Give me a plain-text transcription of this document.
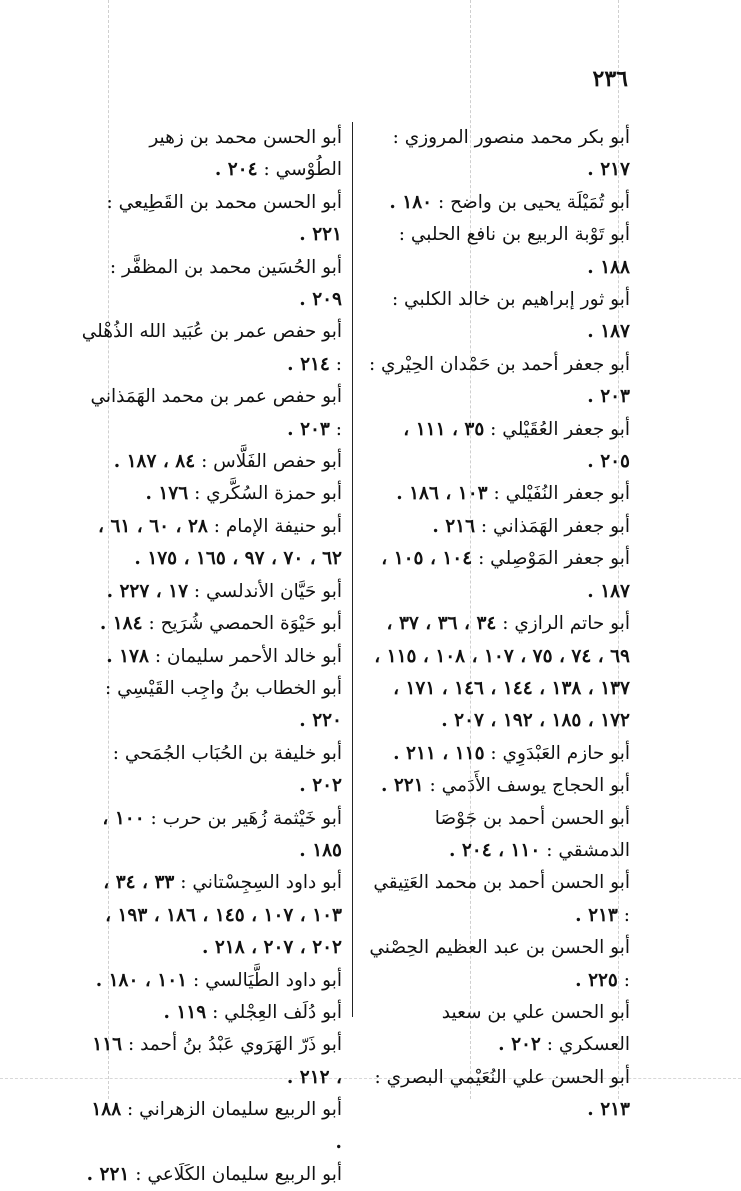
٢٣٦

أبو بكر محمد منصور المروزي : ٢١٧ .

أبو تُمَيْلَة يحيى بن واضح : ١٨٠ .

أبو تَوْبة الربيع بن نافع الحلبي : ١٨٨ .

أبو ثور إبراهيم بن خالد الكلبي : ١٨٧ .

أبو جعفر أحمد بن حَمْدان الحِيْري : ٢٠٣ .

أبو جعفر العُقَيْلي : ٣٥ ، ١١١ ، ٢٠٥ .

أبو جعفر النُفَيْلي : ١٠٣ ، ١٨٦ .

أبو جعفر الهَمَذاني : ٢١٦ .

أبو جعفر المَوْصِلي : ١٠٤ ، ١٠٥ ، ١٨٧ .

أبو حاتم الرازي : ٣٤ ، ٣٦ ، ٣٧ ، ٦٩ ، ٧٤ ، ٧٥ ، ١٠٧ ، ١٠٨ ، ١١٥ ، ١٣٧ ، ١٣٨ ، ١٤٤ ، ١٤٦ ، ١٧١ ، ١٧٢ ، ١٨٥ ، ١٩٢ ، ٢٠٧ .

أبو حازم العَبْدَوِي : ١١٥ ، ٢١١ .

أبو الحجاج يوسف الأَدَمي : ٢٢١ .

أبو الحسن أحمد بن جَوْصَا الدمشقي : ١١٠ ، ٢٠٤ .

أبو الحسن أحمد بن محمد العَتِيقي : ٢١٣ .

أبو الحسن بن عبد العظيم الحِصْني : ٢٢٥ .

أبو الحسن علي بن سعيد العسكري : ٢٠٢ .

أبو الحسن علي النُعَيْمي البصري : ٢١٣ .

أبو الحسن محمد بن زهير الطُوْسي : ٢٠٤ .

أبو الحسن محمد بن القَطِيعي : ٢٢١ .

أبو الحُسَين محمد بن المظفَّر : ٢٠٩ .

أبو حفص عمر بن عُبَيد الله الذُهْلي : ٢١٤ .

أبو حفص عمر بن محمد الهَمَذاني : ٢٠٣ .

أبو حفص الفَلَّاس : ٨٤ ، ١٨٧ .

أبو حمزة السُكَّري : ١٧٦ .

أبو حنيفة الإمام : ٢٨ ، ٦٠ ، ٦١ ، ٦٢ ، ٧٠ ، ٩٧ ، ١٦٥ ، ١٧٥ .

أبو حَيَّان الأندلسي : ١٧ ، ٢٢٧ .

أبو حَيْوَة الحمصي شُرَيح : ١٨٤ .

أبو خالد الأحمر سليمان : ١٧٨ .

أبو الخطاب بنُ واجِب القَيْسِي : ٢٢٠ .

أبو خليفة بن الحُبَاب الجُمَحي : ٢٠٢ .

أبو خَيْثمة زُهَير بن حرب : ١٠٠ ، ١٨٥ .

أبو داود السِجِسْتاني : ٣٣ ، ٣٤ ، ١٠٣ ، ١٠٧ ، ١٤٥ ، ١٨٦ ، ١٩٣ ، ٢٠٢ ، ٢٠٧ ، ٢١٨ .

أبو داود الطَّيَالسي : ١٠١ ، ١٨٠ .

أبو دُلَف العِجْلي : ١١٩ .

أبو ذَرّ الهَرَوي عَبْدُ بنُ أحمد : ١١٦ ، ٢١٢ .

أبو الربيع سليمان الزهراني : ١٨٨ .

أبو الربيع سليمان الكَلَاعي : ٢٢١ .
